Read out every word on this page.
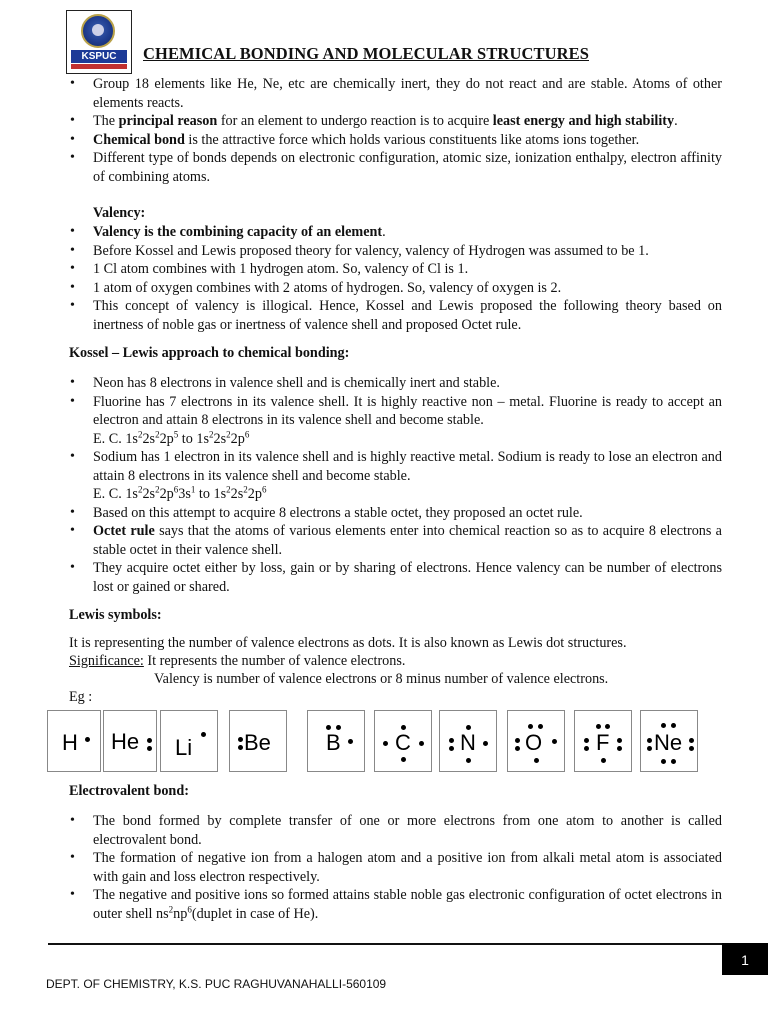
KSPUC	CHEMICAL BONDING AND MOLECULAR STRUCTURES
• Group 18 elements like He, Ne, etc are chemically inert, they do not react and are stable. Atoms of other elements reacts.
• The principal reason for an element to undergo reaction is to acquire least energy and high stability.
• Chemical bond is the attractive force which holds various constituents like atoms ions together.
• Different type of bonds depends on electronic configuration, atomic size, ionization enthalpy, electron affinity of combining atoms.
Valency:
• Valency is the combining capacity of an element.
• Before Kossel and Lewis proposed theory for valency, valency of Hydrogen was assumed to be 1.
• 1 Cl atom combines with 1 hydrogen atom. So, valency of Cl is 1.
• 1 atom of oxygen combines with 2 atoms of hydrogen. So, valency of oxygen is 2.
• This concept of valency is illogical. Hence, Kossel and Lewis proposed the following theory based on inertness of noble gas or inertness of valence shell and proposed Octet rule.
Kossel – Lewis approach to chemical bonding:
• Neon has 8 electrons in valence shell and is chemically inert and stable.
• Fluorine has 7 electrons in its valence shell. It is highly reactive non – metal. Fluorine is ready to accept an electron and attain 8 electrons in its valence shell and become stable.
E. C. $1s^22s^22p^5$ to $1s^22s^22p^6$
• Sodium has 1 electron in its valence shell and is highly reactive metal. Sodium is ready to lose an electron and attain 8 electrons in its valence shell and become stable.
E. C. $1s^22s^22p^63s^1$ to $1s^22s^22p^6$
• Based on this attempt to acquire 8 electrons a stable octet, they proposed an octet rule.
• Octet rule says that the atoms of various elements enter into chemical reaction so as to acquire 8 electrons a stable octet in their valence shell.
• They acquire octet either by loss, gain or by sharing of electrons. Hence valency can be number of electrons lost or gained or shared.
Lewis symbols:
It is representing the number of valence electrons as dots. It is also known as Lewis dot structures.
Significance: It represents the number of valence electrons.
Valency is number of valence electrons or 8 minus number of valence electrons.
Eg :
H He Li Be	B C N O F Ne
Electrovalent bond:
• The bond formed by complete transfer of one or more electrons from one atom to another is called electrovalent bond.
• The formation of negative ion from a halogen atom and a positive ion from alkali metal atom is associated with gain and loss electron respectively.
• The negative and positive ions so formed attains stable noble gas electronic configuration of octet electrons in outer shell $ns^2np^6(duplet$ in case of He).
1
DEPT. OF CHEMISTRY, K.S. PUC RAGHUVANAHALLI-560109
